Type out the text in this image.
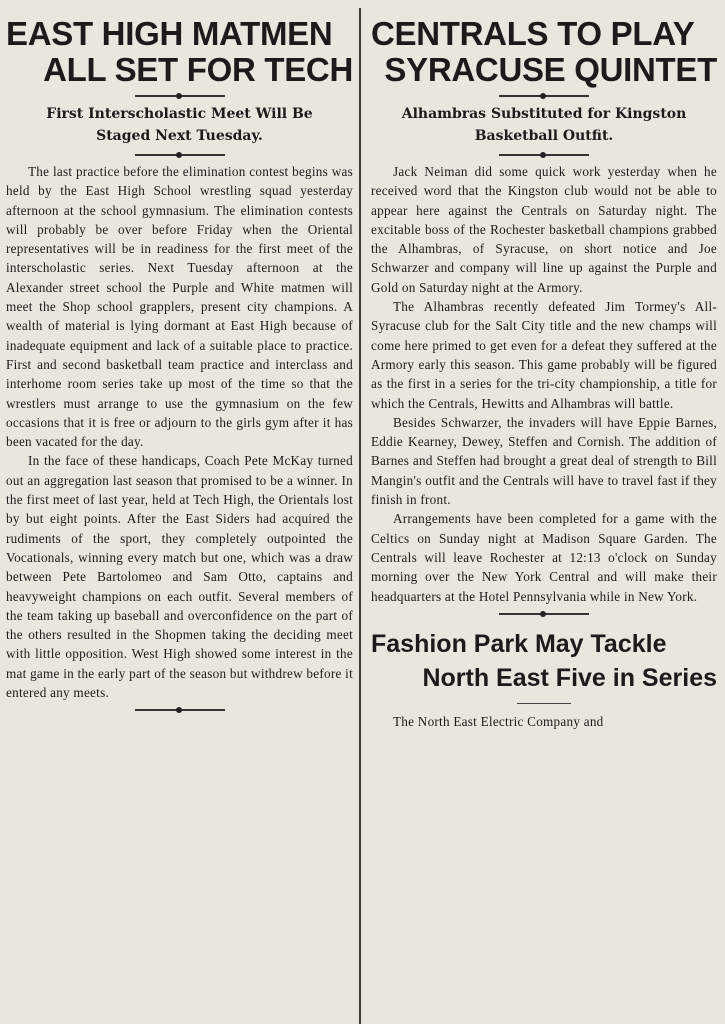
EAST HIGH MATMEN
ALL SET FOR TECH
First Interscholastic Meet Will Be
Staged Next Tuesday.

The last practice before the elimination contest begins was held by the East High School wrestling squad yesterday afternoon at the school gymnasium. The elimination contests will probably be over before Friday when the Oriental representatives will be in readiness for the first meet of the interscholastic series. Next Tuesday afternoon at the Alexander street school the Purple and White matmen will meet the Shop school grapplers, present city champions. A wealth of material is lying dormant at East High because of inadequate equipment and lack of a suitable place to practice. First and second basketball team practice and interclass and interhome room series take up most of the time so that the wrestlers must arrange to use the gymnasium on the few occasions that it is free or adjourn to the girls gym after it has been vacated for the day.

In the face of these handicaps, Coach Pete McKay turned out an aggregation last season that promised to be a winner. In the first meet of last year, held at Tech High, the Orientals lost by but eight points. After the East Siders had acquired the rudiments of the sport, they completely outpointed the Vocationals, winning every match but one, which was a draw between Pete Bartolomeo and Sam Otto, captains and heavyweight champions on each outfit. Several members of the team taking up baseball and overconfidence on the part of the others resulted in the Shopmen taking the deciding meet with little opposition. West High showed some interest in the mat game in the early part of the season but withdrew before it entered any meets.

CENTRALS TO PLAY
SYRACUSE QUINTET
Alhambras Substituted for Kingston
Basketball Outfit.

Jack Neiman did some quick work yesterday when he received word that the Kingston club would not be able to appear here against the Centrals on Saturday night. The excitable boss of the Rochester basketball champions grabbed the Alhambras, of Syracuse, on short notice and Joe Schwarzer and company will line up against the Purple and Gold on Saturday night at the Armory.

The Alhambras recently defeated Jim Tormey's All-Syracuse club for the Salt City title and the new champs will come here primed to get even for a defeat they suffered at the Armory early this season. This game probably will be figured as the first in a series for the tri-city championship, a title for which the Centrals, Hewitts and Alhambras will battle.

Besides Schwarzer, the invaders will have Eppie Barnes, Eddie Kearney, Dewey, Steffen and Cornish. The addition of Barnes and Steffen had brought a great deal of strength to Bill Mangin's outfit and the Centrals will have to travel fast if they finish in front.

Arrangements have been completed for a game with the Celtics on Sunday night at Madison Square Garden. The Centrals will leave Rochester at 12:13 o'clock on Sunday morning over the New York Central and will make their headquarters at the Hotel Pennsylvania while in New York.

Fashion Park May Tackle
North East Five in Series

The North East Electric Company and
